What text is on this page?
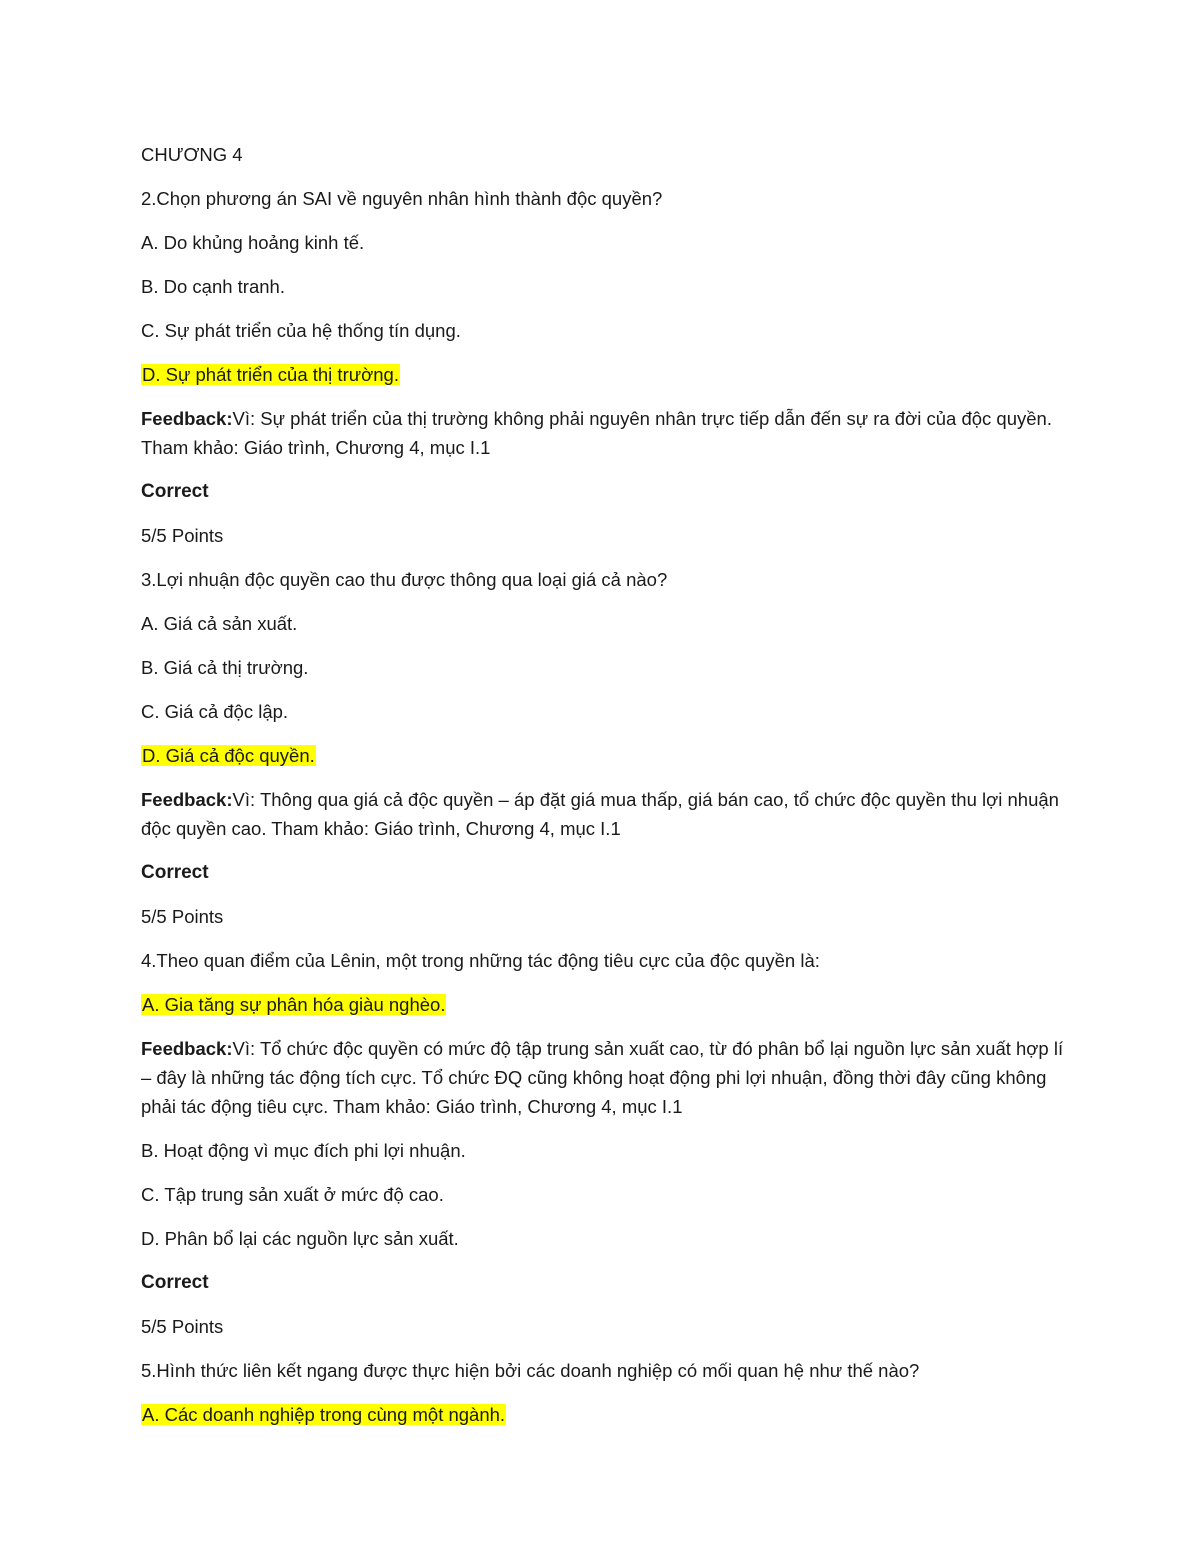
CHƯƠNG 4

2.Chọn phương án SAI về nguyên nhân hình thành độc quyền?

A. Do khủng hoảng kinh tế.

B. Do cạnh tranh.

C. Sự phát triển của hệ thống tín dụng.

D. Sự phát triển của thị trường.

Feedback:Vì: Sự phát triển của thị trường không phải nguyên nhân trực tiếp dẫn đến sự ra đời của độc quyền. Tham khảo: Giáo trình, Chương 4, mục I.1

Correct

5/5 Points

3.Lợi nhuận độc quyền cao thu được thông qua loại giá cả nào?

A. Giá cả sản xuất.

B. Giá cả thị trường.

C. Giá cả độc lập.

D. Giá cả độc quyền.

Feedback:Vì: Thông qua giá cả độc quyền – áp đặt giá mua thấp, giá bán cao, tổ chức độc quyền thu lợi nhuận độc quyền cao. Tham khảo: Giáo trình, Chương 4, mục I.1

Correct

5/5 Points

4.Theo quan điểm của Lênin, một trong những tác động tiêu cực của độc quyền là:

A. Gia tăng sự phân hóa giàu nghèo.

Feedback:Vì: Tổ chức độc quyền có mức độ tập trung sản xuất cao, từ đó phân bổ lại nguồn lực sản xuất hợp lí – đây là những tác động tích cực. Tổ chức ĐQ cũng không hoạt động phi lợi nhuận, đồng thời đây cũng không phải tác động tiêu cực. Tham khảo: Giáo trình, Chương 4, mục I.1

B. Hoạt động vì mục đích phi lợi nhuận.

C. Tập trung sản xuất ở mức độ cao.

D. Phân bổ lại các nguồn lực sản xuất.

Correct

5/5 Points

5.Hình thức liên kết ngang được thực hiện bởi các doanh nghiệp có mối quan hệ như thế nào?

A. Các doanh nghiệp trong cùng một ngành.
